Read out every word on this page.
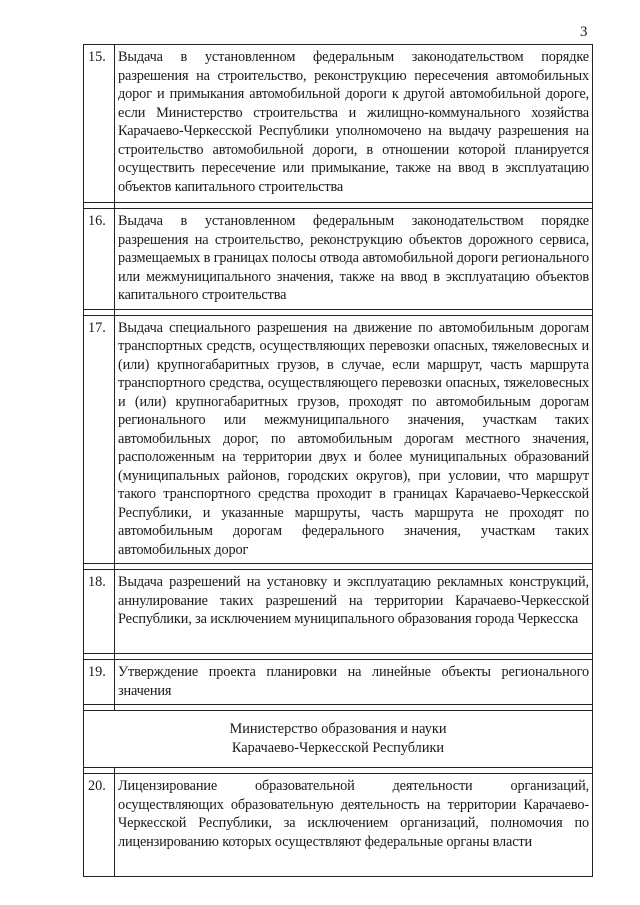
3
15.	Выдача в установленном федеральным законодательством порядке разрешения на строительство, реконструкцию пересечения автомобильных дорог и примыкания автомобильной дороги к другой автомобильной дороге, если Министерство строительства и жилищно-коммунального хозяйства Карачаево-Черкесской Республики уполномочено на выдачу разрешения на строительство автомобильной дороги, в отношении которой планируется осуществить пересечение или примыкание, также на ввод в эксплуатацию объектов капитального строительства

16.	Выдача в установленном федеральным законодательством порядке разрешения на строительство, реконструкцию объектов дорожного сервиса, размещаемых в границах полосы отвода автомобильной дороги регионального или межмуниципального значения, также на ввод в эксплуатацию объектов капитального строительства

17.	Выдача специального разрешения на движение по автомобильным дорогам транспортных средств, осуществляющих перевозки опасных, тяжеловесных и (или) крупногабаритных грузов, в случае, если маршрут, часть маршрута транспортного средства, осуществляющего перевозки опасных, тяжеловесных и (или) крупногабаритных грузов, проходят по автомобильным дорогам регионального или межмуниципального значения, участкам таких автомобильных дорог, по автомобильным дорогам местного значения, расположенным на территории двух и более муниципальных образований (муниципальных районов, городских округов), при условии, что маршрут такого транспортного средства проходит в границах Карачаево-Черкесской Республики, и указанные маршруты, часть маршрута не проходят по автомобильным дорогам федерального значения, участкам таких автомобильных дорог

18.	Выдача разрешений на установку и эксплуатацию рекламных конструкций, аннулирование таких разрешений на территории Карачаево-Черкесской Республики, за исключением муниципального образования города Черкесска

19.	Утверждение проекта планировки на линейные объекты регионального значения

Министерство образования и науки
Карачаево-Черкесской Республики	

20.	Лицензирование образовательной деятельности организаций, осуществляющих образовательную деятельность на территории Карачаево-Черкесской Республики, за исключением организаций, полномочия по лицензированию которых осуществляют федеральные органы власти
